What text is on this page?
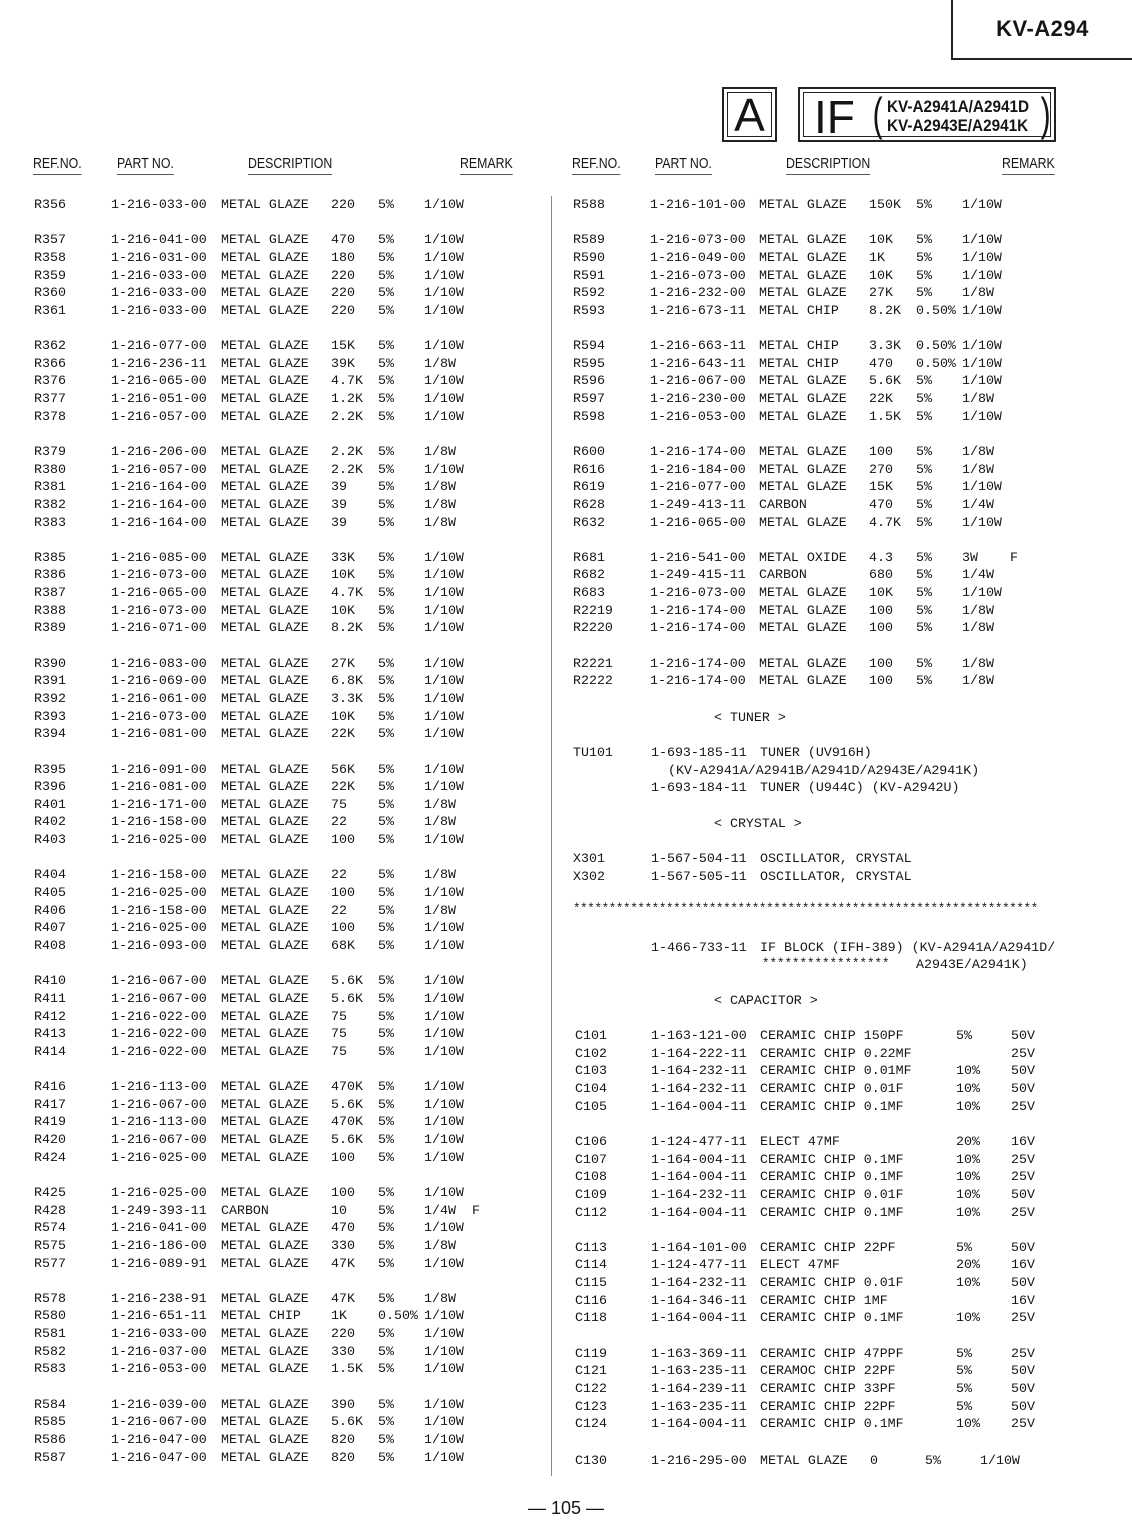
KV-A294
A IF ( KV-A2941A/A2941D
KV-A2943E/A2941K )
REF.NO. PART NO.	DESCRIPTION	REMARK	REF.NO. PART NO.	DESCRIPTION	REMARK
R356	1-216-033-00 METAL GLAZE 220 5% 1/10W
R357	1-216-041-00 METAL GLAZE 470 5% 1/10W
R358	1-216-031-00 METAL GLAZE 180 5% 1/10W
R359	1-216-033-00 METAL GLAZE 220 5% 1/10W
R360	1-216-033-00 METAL GLAZE 220 5% 1/10W
R361	1-216-033-00 METAL GLAZE 220 5% 1/10W
R362	1-216-077-00 METAL GLAZE 15K 5% 1/10W
R366	1-216-236-11 METAL GLAZE 39K 5% 1/8W
R376	1-216-065-00 METAL GLAZE 4.7K 5% 1/10W
R377	1-216-051-00 METAL GLAZE 1.2K 5% 1/10W
R378	1-216-057-00 METAL GLAZE 2.2K 5% 1/10W
R379	1-216-206-00 METAL GLAZE 2.2K 5% 1/8W
R380	1-216-057-00 METAL GLAZE 2.2K 5% 1/10W
R381	1-216-164-00 METAL GLAZE 39 5% 1/8W
R382	1-216-164-00 METAL GLAZE 39 5% 1/8W
R383	1-216-164-00 METAL GLAZE 39 5% 1/8W
R385	1-216-085-00 METAL GLAZE 33K 5% 1/10W
R386	1-216-073-00 METAL GLAZE 10K 5% 1/10W
R387	1-216-065-00 METAL GLAZE 4.7K 5% 1/10W
R388	1-216-073-00 METAL GLAZE 10K 5% 1/10W
R389	1-216-071-00 METAL GLAZE 8.2K 5% 1/10W
R390	1-216-083-00 METAL GLAZE 27K 5% 1/10W
R391	1-216-069-00 METAL GLAZE 6.8K 5% 1/10W
R392	1-216-061-00 METAL GLAZE 3.3K 5% 1/10W
R393	1-216-073-00 METAL GLAZE 10K 5% 1/10W
R394	1-216-081-00 METAL GLAZE 22K 5% 1/10W
R395	1-216-091-00 METAL GLAZE 56K 5% 1/10W
R396	1-216-081-00 METAL GLAZE 22K 5% 1/10W
R401	1-216-171-00 METAL GLAZE 75 5% 1/8W
R402	1-216-158-00 METAL GLAZE 22 5% 1/8W
R403	1-216-025-00 METAL GLAZE 100 5% 1/10W
R404	1-216-158-00 METAL GLAZE 22 5% 1/8W
R405	1-216-025-00 METAL GLAZE 100 5% 1/10W
R406	1-216-158-00 METAL GLAZE 22 5% 1/8W
R407	1-216-025-00 METAL GLAZE 100 5% 1/10W
R408	1-216-093-00 METAL GLAZE 68K 5% 1/10W
R410	1-216-067-00 METAL GLAZE 5.6K 5% 1/10W
R411	1-216-067-00 METAL GLAZE 5.6K 5% 1/10W
R412	1-216-022-00 METAL GLAZE 75 5% 1/10W
R413	1-216-022-00 METAL GLAZE 75 5% 1/10W
R414	1-216-022-00 METAL GLAZE 75 5% 1/10W
R416	1-216-113-00 METAL GLAZE 470K 5% 1/10W
R417	1-216-067-00 METAL GLAZE 5.6K 5% 1/10W
R419	1-216-113-00 METAL GLAZE 470K 5% 1/10W
R420	1-216-067-00 METAL GLAZE 5.6K 5% 1/10W
R424	1-216-025-00 METAL GLAZE 100 5% 1/10W
R425	1-216-025-00 METAL GLAZE 100 5% 1/10W
R428	1-249-393-11 CARBON	10 5% 1/4W F
R574	1-216-041-00 METAL GLAZE 470 5% 1/10W
R575	1-216-186-00 METAL GLAZE 330 5% 1/8W
R577	1-216-089-91 METAL GLAZE 47K 5% 1/10W
R578	1-216-238-91 METAL GLAZE 47K 5% 1/8W
R580	1-216-651-11 METAL CHIP 1K 0.50% 1/10W
R581	1-216-033-00 METAL GLAZE 220 5% 1/10W
R582	1-216-037-00 METAL GLAZE 330 5% 1/10W
R583	1-216-053-00 METAL GLAZE 1.5K 5% 1/10W
R584	1-216-039-00 METAL GLAZE 390 5% 1/10W
R585	1-216-067-00 METAL GLAZE 5.6K 5% 1/10W
R586	1-216-047-00 METAL GLAZE 820 5% 1/10W
R587	1-216-047-00 METAL GLAZE 820 5% 1/10W
R588	1-216-101-00 METAL GLAZE 150K 5% 1/10W
R589	1-216-073-00 METAL GLAZE 10K 5% 1/10W
R590	1-216-049-00 METAL GLAZE 1K 5% 1/10W
R591	1-216-073-00 METAL GLAZE 10K 5% 1/10W
R592	1-216-232-00 METAL GLAZE 27K 5% 1/8W
R593	1-216-673-11 METAL CHIP 8.2K 0.50% 1/10W
R594	1-216-663-11 METAL CHIP 3.3K 0.50% 1/10W
R595	1-216-643-11 METAL CHIP 470 0.50% 1/10W
R596	1-216-067-00 METAL GLAZE 5.6K 5% 1/10W
R597	1-216-230-00 METAL GLAZE 22K 5% 1/8W
R598	1-216-053-00 METAL GLAZE 1.5K 5% 1/10W
R600	1-216-174-00 METAL GLAZE 100 5% 1/8W
R616	1-216-184-00 METAL GLAZE 270 5% 1/8W
R619	1-216-077-00 METAL GLAZE 15K 5% 1/10W
R628	1-249-413-11 CARBON	470 5% 1/4W
R632	1-216-065-00 METAL GLAZE 4.7K 5% 1/10W
R681	1-216-541-00 METAL OXIDE 4.3 5% 3W F
R682	1-249-415-11 CARBON	680 5% 1/4W
R683	1-216-073-00 METAL GLAZE 10K 5% 1/10W
R2219	1-216-174-00 METAL GLAZE 100 5% 1/8W
R2220	1-216-174-00 METAL GLAZE 100 5% 1/8W
R2221	1-216-174-00 METAL GLAZE 100 5% 1/8W
R2222	1-216-174-00 METAL GLAZE 100 5% 1/8W
< TUNER >
TU101	1-693-185-11 TUNER (UV916H)
(KV-A2941A/A2941B/A2941D/A2943E/A2941K)
1-693-184-11 TUNER (U944C) (KV-A2942U)
< CRYSTAL >
X301	1-567-504-11 OSCILLATOR, CRYSTAL
X302	1-567-505-11 OSCILLATOR, CRYSTAL
*****************************************************************
1-466-733-11 IF BLOCK (IFH-389) (KV-A2941A/A2941D/
***************** A2943E/A2941K)
< CAPACITOR >
C101	1-163-121-00 CERAMIC CHIP 150PF	5%	50V
C102	1-164-222-11 CERAMIC CHIP 0.22MF	25V
C103	1-164-232-11 CERAMIC CHIP 0.01MF	10% 50V
C104	1-164-232-11 CERAMIC CHIP 0.01F	10% 50V
C105	1-164-004-11 CERAMIC CHIP 0.1MF	10% 25V
C106	1-124-477-11 ELECT 47MF	20% 16V
C107	1-164-004-11 CERAMIC CHIP 0.1MF	10% 25V
C108	1-164-004-11 CERAMIC CHIP 0.1MF	10% 25V
C109	1-164-232-11 CERAMIC CHIP 0.01F	10% 50V
C112	1-164-004-11 CERAMIC CHIP 0.1MF	10% 25V
C113	1-164-101-00 CERAMIC CHIP 22PF	5%	50V
C114	1-124-477-11 ELECT 47MF	20% 16V
C115	1-164-232-11 CERAMIC CHIP 0.01F	10% 50V
C116	1-164-346-11 CERAMIC CHIP 1MF	16V
C118	1-164-004-11 CERAMIC CHIP 0.1MF	10% 25V
C119	1-163-369-11 CERAMIC CHIP 47PPF	5%	25V
C121	1-163-235-11 CERAMOC CHIP 22PF	5%	50V
C122	1-164-239-11 CERAMIC CHIP 33PF	5%	50V
C123	1-163-235-11 CERAMIC CHIP 22PF	5%	50V
C124	1-164-004-11 CERAMIC CHIP 0.1MF	10% 25V
C130	1-216-295-00 METAL GLAZE 0	5%	1/10W
— 105 —
